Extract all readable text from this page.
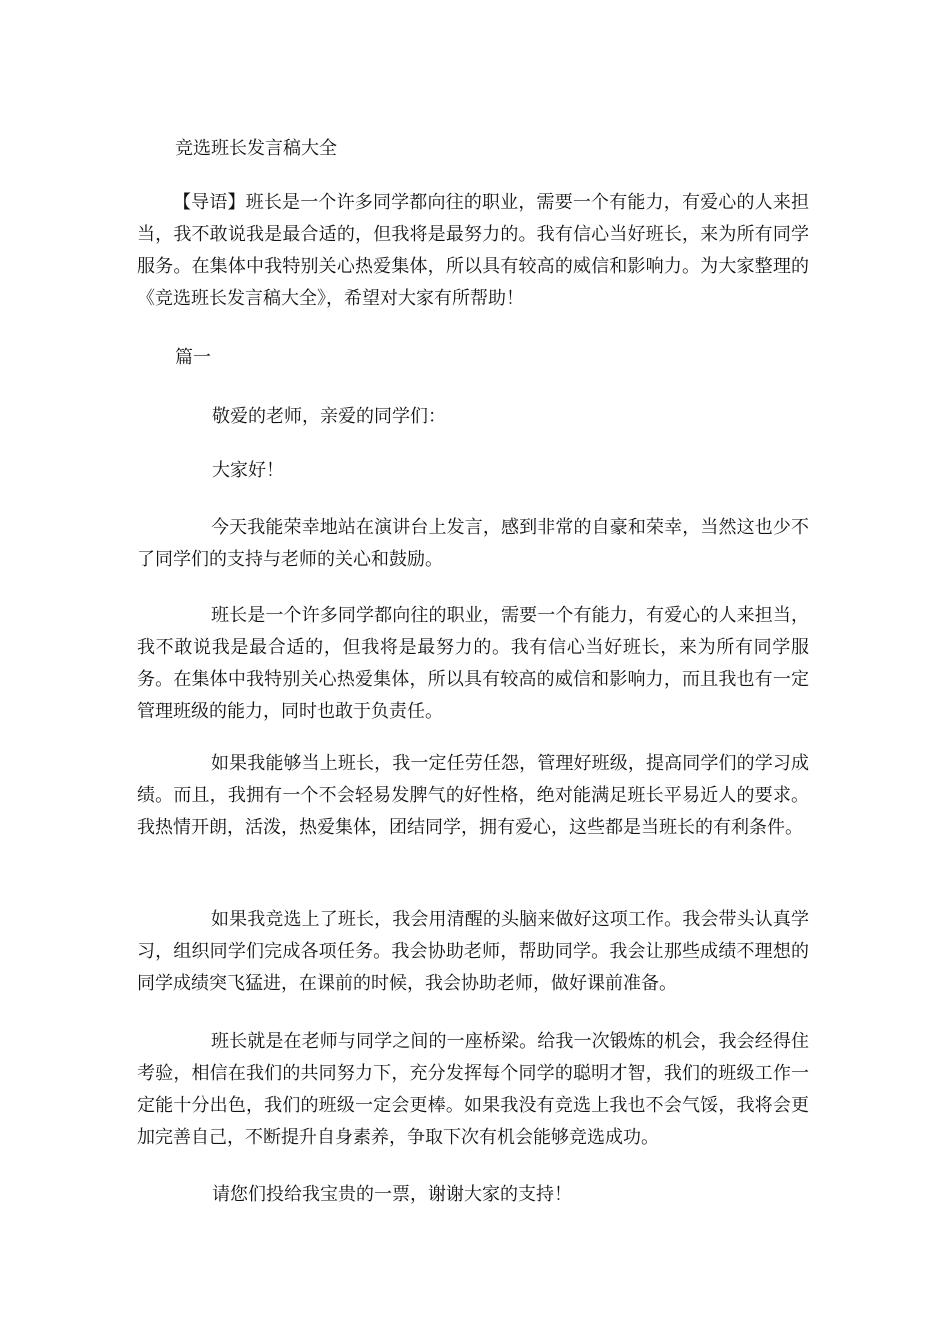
竞选班长发言稿大全
【导语】班长是一个许多同学都向往的职业，需要一个有能力，有爱心的人来担当，我不敢说我是最合适的，但我将是最努力的。我有信心当好班长，来为所有同学服务。在集体中我特别关心热爱集体，所以具有较高的威信和影响力。为大家整理的《竞选班长发言稿大全》，希望对大家有所帮助！
篇一
敬爱的老师，亲爱的同学们：
大家好！
今天我能荣幸地站在演讲台上发言，感到非常的自豪和荣幸，当然这也少不了同学们的支持与老师的关心和鼓励。
班长是一个许多同学都向往的职业，需要一个有能力，有爱心的人来担当，我不敢说我是最合适的，但我将是最努力的。我有信心当好班长，来为所有同学服务。在集体中我特别关心热爱集体，所以具有较高的威信和影响力，而且我也有一定管理班级的能力，同时也敢于负责任。
如果我能够当上班长，我一定任劳任怨，管理好班级，提高同学们的学习成绩。而且，我拥有一个不会轻易发脾气的好性格，绝对能满足班长平易近人的要求。我热情开朗，活泼，热爱集体，团结同学，拥有爱心，这些都是当班长的有利条件。
如果我竞选上了班长，我会用清醒的头脑来做好这项工作。我会带头认真学习，组织同学们完成各项任务。我会协助老师，帮助同学。我会让那些成绩不理想的同学成绩突飞猛进，在课前的时候，我会协助老师，做好课前准备。
班长就是在老师与同学之间的一座桥梁。给我一次锻炼的机会，我会经得住考验，相信在我们的共同努力下，充分发挥每个同学的聪明才智，我们的班级工作一定能十分出色，我们的班级一定会更棒。如果我没有竞选上我也不会气馁，我将会更加完善自己，不断提升自身素养，争取下次有机会能够竞选成功。
请您们投给我宝贵的一票，谢谢大家的支持！
